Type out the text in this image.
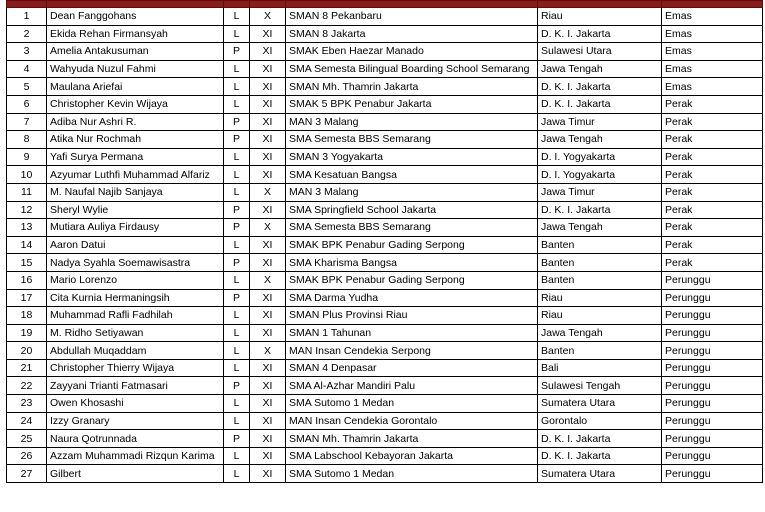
1	Dean Fanggohans	L	X	SMAN 8 Pekanbaru	Riau	Emas
2	Ekida Rehan Firmansyah	L	XI	SMAN 8 Jakarta	D. K. I. Jakarta	Emas
3	Amelia Antakusuman	P	XI	SMAK Eben Haezar Manado	Sulawesi Utara	Emas
4	Wahyuda Nuzul Fahmi	L	XI	SMA Semesta Bilingual Boarding School Semarang	Jawa Tengah	Emas
5	Maulana Ariefai	L	XI	SMAN Mh. Thamrin Jakarta	D. K. I. Jakarta	Emas
6	Christopher Kevin Wijaya	L	XI	SMAK 5 BPK Penabur Jakarta	D. K. I. Jakarta	Perak
7	Adiba Nur Ashri R.	P	XI	MAN 3 Malang	Jawa Timur	Perak
8	Atika Nur Rochmah	P	XI	SMA Semesta BBS Semarang	Jawa Tengah	Perak
9	Yafi Surya Permana	L	XI	SMAN 3 Yogyakarta	D. I. Yogyakarta	Perak
10	Azyumar Luthfi Muhammad Alfariz	L	XI	SMA Kesatuan Bangsa	D. I. Yogyakarta	Perak
11	M. Naufal Najib Sanjaya	L	X	MAN 3 Malang	Jawa Timur	Perak
12	Sheryl Wylie	P	XI	SMA Springfield School Jakarta	D. K. I. Jakarta	Perak
13	Mutiara Auliya Firdausy	P	X	SMA Semesta BBS Semarang	Jawa Tengah	Perak
14	Aaron Datui	L	XI	SMAK BPK Penabur Gading Serpong	Banten	Perak
15	Nadya Syahla Soemawisastra	P	XI	SMA Kharisma Bangsa	Banten	Perak
16	Mario Lorenzo	L	X	SMAK BPK Penabur Gading Serpong	Banten	Perunggu
17	Cita Kurnia Hermaningsih	P	XI	SMA Darma Yudha	Riau	Perunggu
18	Muhammad Rafli Fadhilah	L	XI	SMAN Plus Provinsi Riau	Riau	Perunggu
19	M. Ridho Setiyawan	L	XI	SMAN 1 Tahunan	Jawa Tengah	Perunggu
20	Abdullah Muqaddam	L	X	MAN Insan Cendekia Serpong	Banten	Perunggu
21	Christopher Thierry Wijaya	L	XI	SMAN 4 Denpasar	Bali	Perunggu
22	Zayyani Trianti Fatmasari	P	XI	SMA Al-Azhar Mandiri Palu	Sulawesi Tengah	Perunggu
23	Owen Khosashi	L	XI	SMA Sutomo 1 Medan	Sumatera Utara	Perunggu
24	Izzy Granary	L	XI	MAN Insan Cendekia Gorontalo	Gorontalo	Perunggu
25	Naura Qotrunnada	P	XI	SMAN Mh. Thamrin Jakarta	D. K. I. Jakarta	Perunggu
26	Azzam Muhammadi Rizqun Karima	L	XI	SMA Labschool Kebayoran Jakarta	D. K. I. Jakarta	Perunggu
27	Gilbert	L	XI	SMA Sutomo 1 Medan	Sumatera Utara	Perunggu
